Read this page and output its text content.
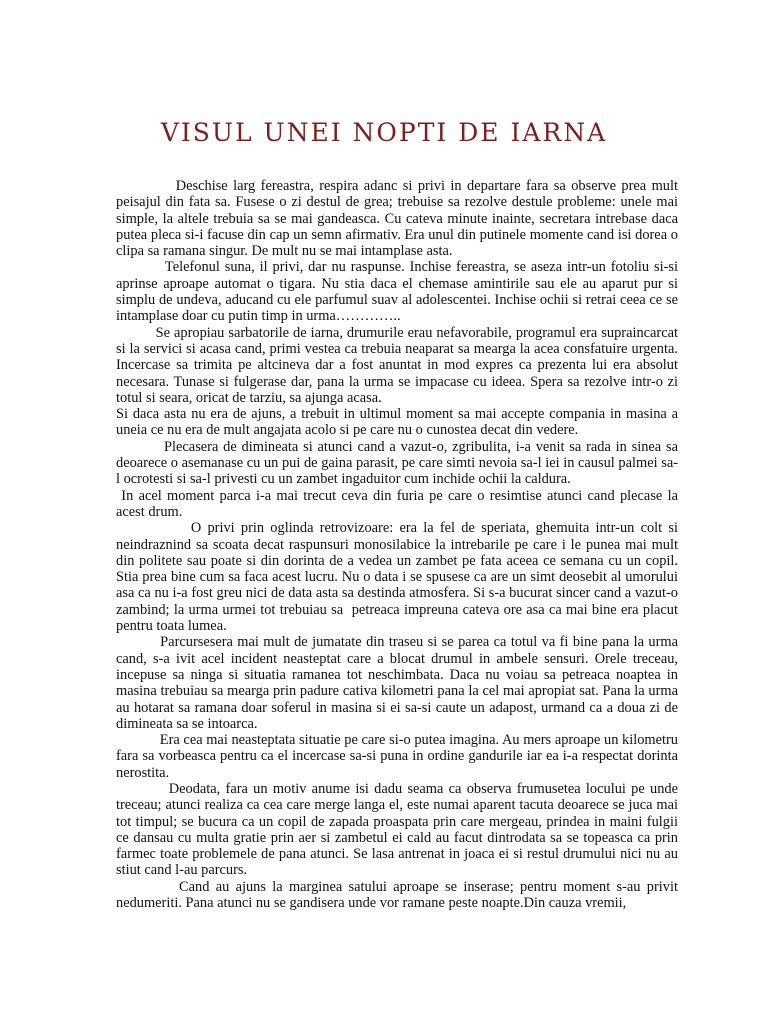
VISUL UNEI NOPTI DE IARNA

Deschise larg fereastra, respira adanc si privi in departare fara sa observe prea mult peisajul din fata sa. Fusese o zi destul de grea; trebuise sa rezolve destule probleme: unele mai simple, la altele trebuia sa se mai gandeasca. Cu cateva minute inainte, secretara intrebase daca putea pleca si-i facuse din cap un semn afirmativ. Era unul din putinele momente cand isi dorea o clipa sa ramana singur. De mult nu se mai intamplase asta.

Telefonul suna, il privi, dar nu raspunse. Inchise fereastra, se aseza intr-un fotoliu si-si aprinse aproape automat o tigara. Nu stia daca el chemase amintirile sau ele au aparut pur si simplu de undeva, aducand cu ele parfumul suav al adolescentei. Inchise ochii si retrai ceea ce se intamplase doar cu putin timp in urma…………..

Se apropiau sarbatorile de iarna, drumurile erau nefavorabile, programul era supraincarcat si la servici si acasa cand, primi vestea ca trebuia neaparat sa mearga la acea consfatuire urgenta. Incercase sa trimita pe altcineva dar a fost anuntat in mod expres ca prezenta lui era absolut necesara. Tunase si fulgerase dar, pana la urma se impacase cu ideea. Spera sa rezolve intr-o zi totul si seara, oricat de tarziu, sa ajunga acasa.

Si daca asta nu era de ajuns, a trebuit in ultimul moment sa mai accepte compania in masina a uneia ce nu era de mult angajata acolo si pe care nu o cunostea decat din vedere.

Plecasera de dimineata si atunci cand a vazut-o, zgribulita, i-a venit sa rada in sinea sa deoarece o asemanase cu un pui de gaina parasit, pe care simti nevoia sa-l iei in causul palmei sa-l ocrotesti si sa-l privesti cu un zambet ingaduitor cum inchide ochii la caldura.

In acel moment parca i-a mai trecut ceva din furia pe care o resimtise atunci cand plecase la acest drum.

O privi prin oglinda retrovizoare: era la fel de speriata, ghemuita intr-un colt si neindraznind sa scoata decat raspunsuri monosilabice la intrebarile pe care i le punea mai mult din politete sau poate si din dorinta de a vedea un zambet pe fata aceea ce semana cu un copil. Stia prea bine cum sa faca acest lucru. Nu o data i se spusese ca are un simt deosebit al umorului asa ca nu i-a fost greu nici de data asta sa destinda atmosfera. Si s-a bucurat sincer cand a vazut-o zambind; la urma urmei tot trebuiau sa  petreaca impreuna cateva ore asa ca mai bine era placut pentru toata lumea.

Parcursesera mai mult de jumatate din traseu si se parea ca totul va fi bine pana la urma cand, s-a ivit acel incident neasteptat care a blocat drumul in ambele sensuri. Orele treceau, incepuse sa ninga si situatia ramanea tot neschimbata. Daca nu voiau sa petreaca noaptea in masina trebuiau sa mearga prin padure cativa kilometri pana la cel mai apropiat sat. Pana la urma au hotarat sa ramana doar soferul in masina si ei sa-si caute un adapost, urmand ca a doua zi de dimineata sa se intoarca.

Era cea mai neasteptata situatie pe care si-o putea imagina. Au mers aproape un kilometru fara sa vorbeasca pentru ca el incercase sa-si puna in ordine gandurile iar ea i-a respectat dorinta nerostita.

Deodata, fara un motiv anume isi dadu seama ca observa frumusetea locului pe unde treceau; atunci realiza ca cea care merge langa el, este numai aparent tacuta deoarece se juca mai tot timpul; se bucura ca un copil de zapada proaspata prin care mergeau, prindea in maini fulgii ce dansau cu multa gratie prin aer si zambetul ei cald au facut dintrodata sa se topeasca ca prin farmec toate problemele de pana atunci. Se lasa antrenat in joaca ei si restul drumului nici nu au stiut cand l-au parcurs.

Cand au ajuns la marginea satului aproape se inserase; pentru moment s-au privit nedumeriti. Pana atunci nu se gandisera unde vor ramane peste noapte.Din cauza vremii,
